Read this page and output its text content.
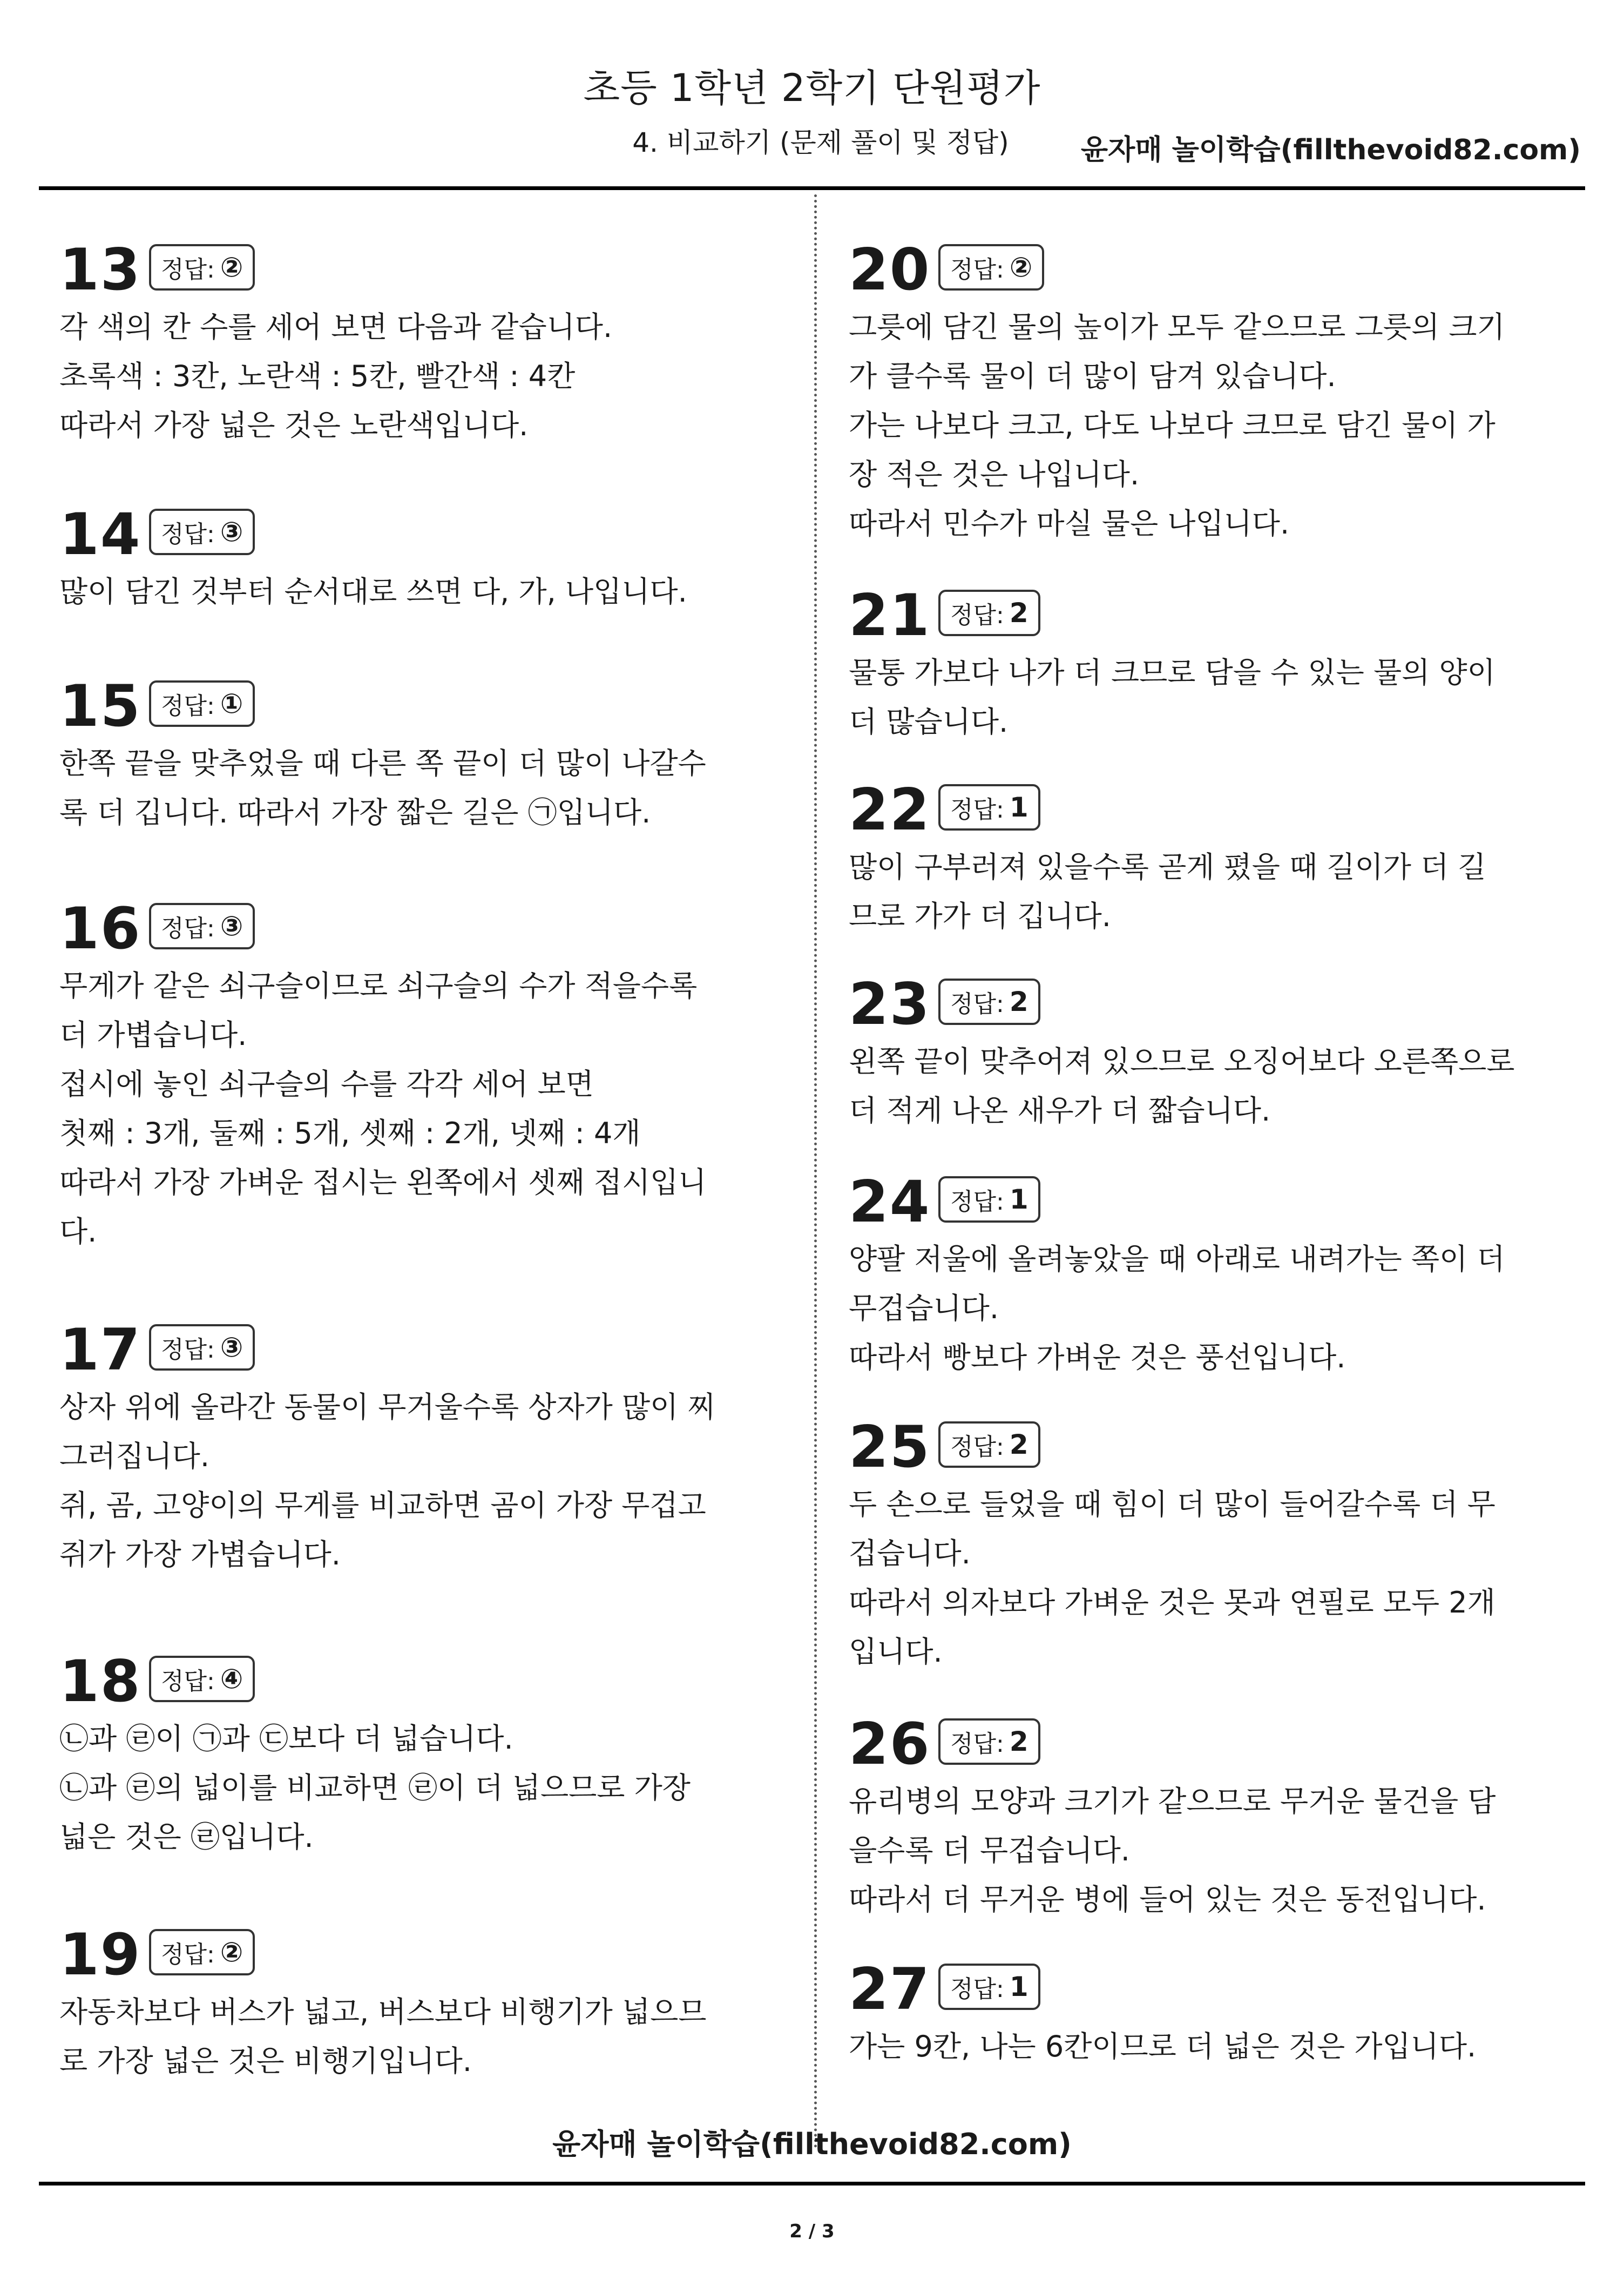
초등 1학년 2학기 단원평가
4. 비교하기 (문제 풀이 및 정답)	윤자매 놀이학습(fillthevoid82.com)
13 정답: ②
각 색의 칸 수를 세어 보면 다음과 같습니다.
초록색 : 3칸, 노란색 : 5칸, 빨간색 : 4칸
따라서 가장 넓은 것은 노란색입니다.
14 정답: ③
많이 담긴 것부터 순서대로 쓰면 다, 가, 나입니다.
15 정답: ①
한쪽 끝을 맞추었을 때 다른 쪽 끝이 더 많이 나갈수
록 더 깁니다. 따라서 가장 짧은 길은 ㉠입니다.
16 정답: ③
무게가 같은 쇠구슬이므로 쇠구슬의 수가 적을수록
더 가볍습니다.
접시에 놓인 쇠구슬의 수를 각각 세어 보면
첫째 : 3개, 둘째 : 5개, 셋째 : 2개, 넷째 : 4개
따라서 가장 가벼운 접시는 왼쪽에서 셋째 접시입니
다.
17 정답: ③
상자 위에 올라간 동물이 무거울수록 상자가 많이 찌
그러집니다.
쥐, 곰, 고양이의 무게를 비교하면 곰이 가장 무겁고
쥐가 가장 가볍습니다.
18 정답: ④
㉡과 ㉣이 ㉠과 ㉢보다 더 넓습니다.
㉡과 ㉣의 넓이를 비교하면 ㉣이 더 넓으므로 가장
넓은 것은 ㉣입니다.
19 정답: ②
자동차보다 버스가 넓고, 버스보다 비행기가 넓으므
로 가장 넓은 것은 비행기입니다.
20 정답: ②
그릇에 담긴 물의 높이가 모두 같으므로 그릇의 크기
가 클수록 물이 더 많이 담겨 있습니다.
가는 나보다 크고, 다도 나보다 크므로 담긴 물이 가
장 적은 것은 나입니다.
따라서 민수가 마실 물은 나입니다.
21 정답: 2
물통 가보다 나가 더 크므로 담을 수 있는 물의 양이
더 많습니다.
22 정답: 1
많이 구부러져 있을수록 곧게 폈을 때 길이가 더 길
므로 가가 더 깁니다.
23 정답: 2
왼쪽 끝이 맞추어져 있으므로 오징어보다 오른쪽으로
더 적게 나온 새우가 더 짧습니다.
24 정답: 1
양팔 저울에 올려놓았을 때 아래로 내려가는 쪽이 더
무겁습니다.
따라서 빵보다 가벼운 것은 풍선입니다.
25 정답: 2
두 손으로 들었을 때 힘이 더 많이 들어갈수록 더 무
겁습니다.
따라서 의자보다 가벼운 것은 못과 연필로 모두 2개
입니다.
26 정답: 2
유리병의 모양과 크기가 같으므로 무거운 물건을 담
을수록 더 무겁습니다.
따라서 더 무거운 병에 들어 있는 것은 동전입니다.
27 정답: 1
가는 9칸, 나는 6칸이므로 더 넓은 것은 가입니다.
윤자매 놀이학습(fillthevoid82.com)
2 / 3
